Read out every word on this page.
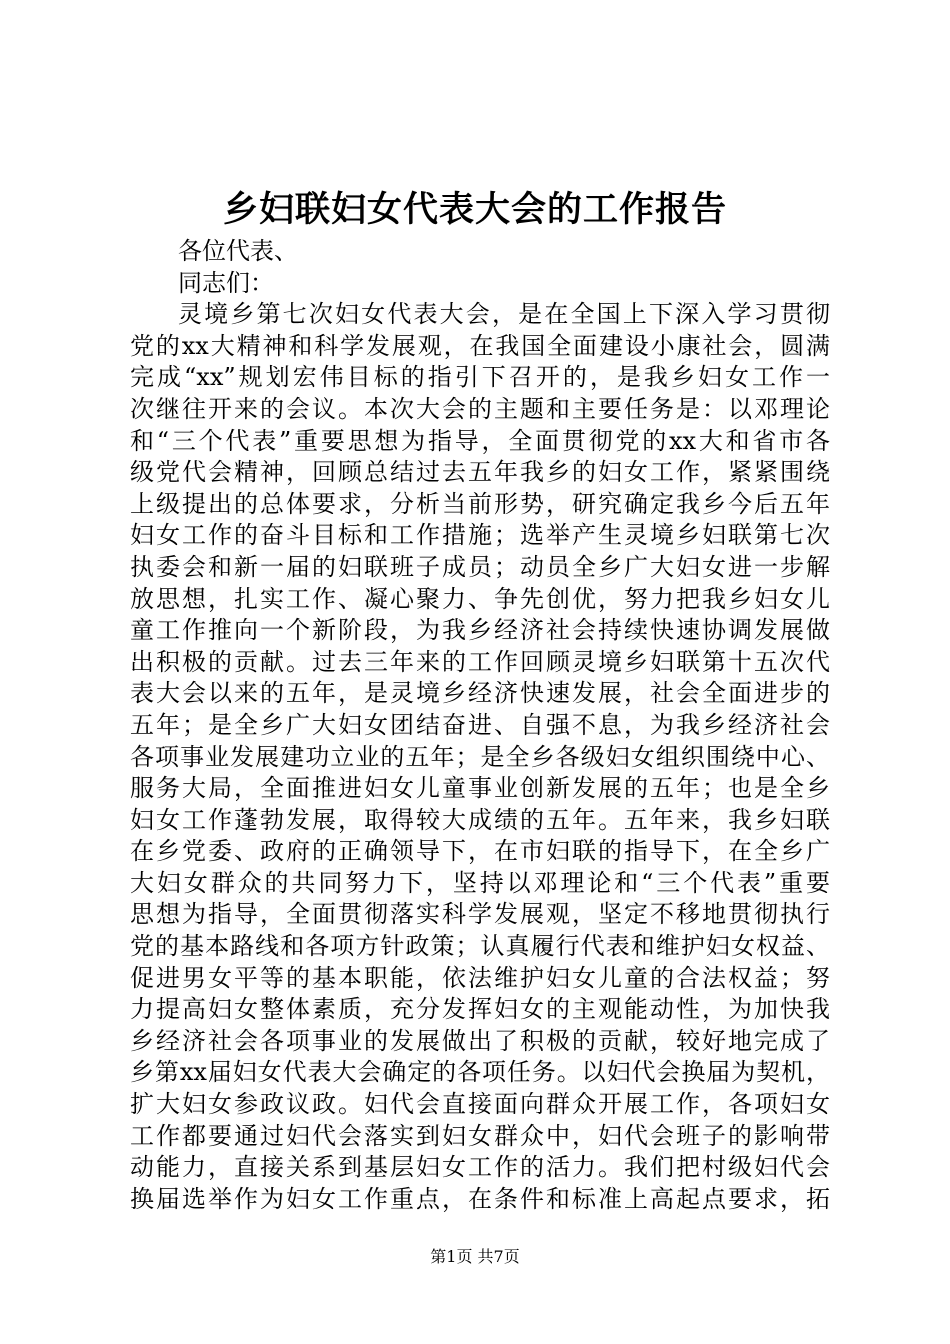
乡妇联妇女代表大会的工作报告
各位代表、
同志们：
灵境乡第七次妇女代表大会，是在全国上下深入学习贯彻
党的xx大精神和科学发展观，在我国全面建设小康社会，圆满
完成“xx”规划宏伟目标的指引下召开的，是我乡妇女工作一
次继往开来的会议。本次大会的主题和主要任务是：以邓理论
和“三个代表”重要思想为指导，全面贯彻党的xx大和省市各
级党代会精神，回顾总结过去五年我乡的妇女工作，紧紧围绕
上级提出的总体要求，分析当前形势，研究确定我乡今后五年
妇女工作的奋斗目标和工作措施；选举产生灵境乡妇联第七次
执委会和新一届的妇联班子成员；动员全乡广大妇女进一步解
放思想，扎实工作、凝心聚力、争先创优，努力把我乡妇女儿
童工作推向一个新阶段，为我乡经济社会持续快速协调发展做
出积极的贡献。过去三年来的工作回顾灵境乡妇联第十五次代
表大会以来的五年，是灵境乡经济快速发展，社会全面进步的
五年；是全乡广大妇女团结奋进、自强不息，为我乡经济社会
各项事业发展建功立业的五年；是全乡各级妇女组织围绕中心、
服务大局，全面推进妇女儿童事业创新发展的五年；也是全乡
妇女工作蓬勃发展，取得较大成绩的五年。五年来，我乡妇联
在乡党委、政府的正确领导下，在市妇联的指导下，在全乡广
大妇女群众的共同努力下，坚持以邓理论和“三个代表”重要
思想为指导，全面贯彻落实科学发展观，坚定不移地贯彻执行
党的基本路线和各项方针政策；认真履行代表和维护妇女权益、
促进男女平等的基本职能，依法维护妇女儿童的合法权益；努
力提高妇女整体素质，充分发挥妇女的主观能动性，为加快我
乡经济社会各项事业的发展做出了积极的贡献，较好地完成了
乡第xx届妇女代表大会确定的各项任务。以妇代会换届为契机，
扩大妇女参政议政。妇代会直接面向群众开展工作，各项妇女
工作都要通过妇代会落实到妇女群众中，妇代会班子的影响带
动能力，直接关系到基层妇女工作的活力。我们把村级妇代会
换届选举作为妇女工作重点，在条件和标准上高起点要求，拓
第1页 共7页
